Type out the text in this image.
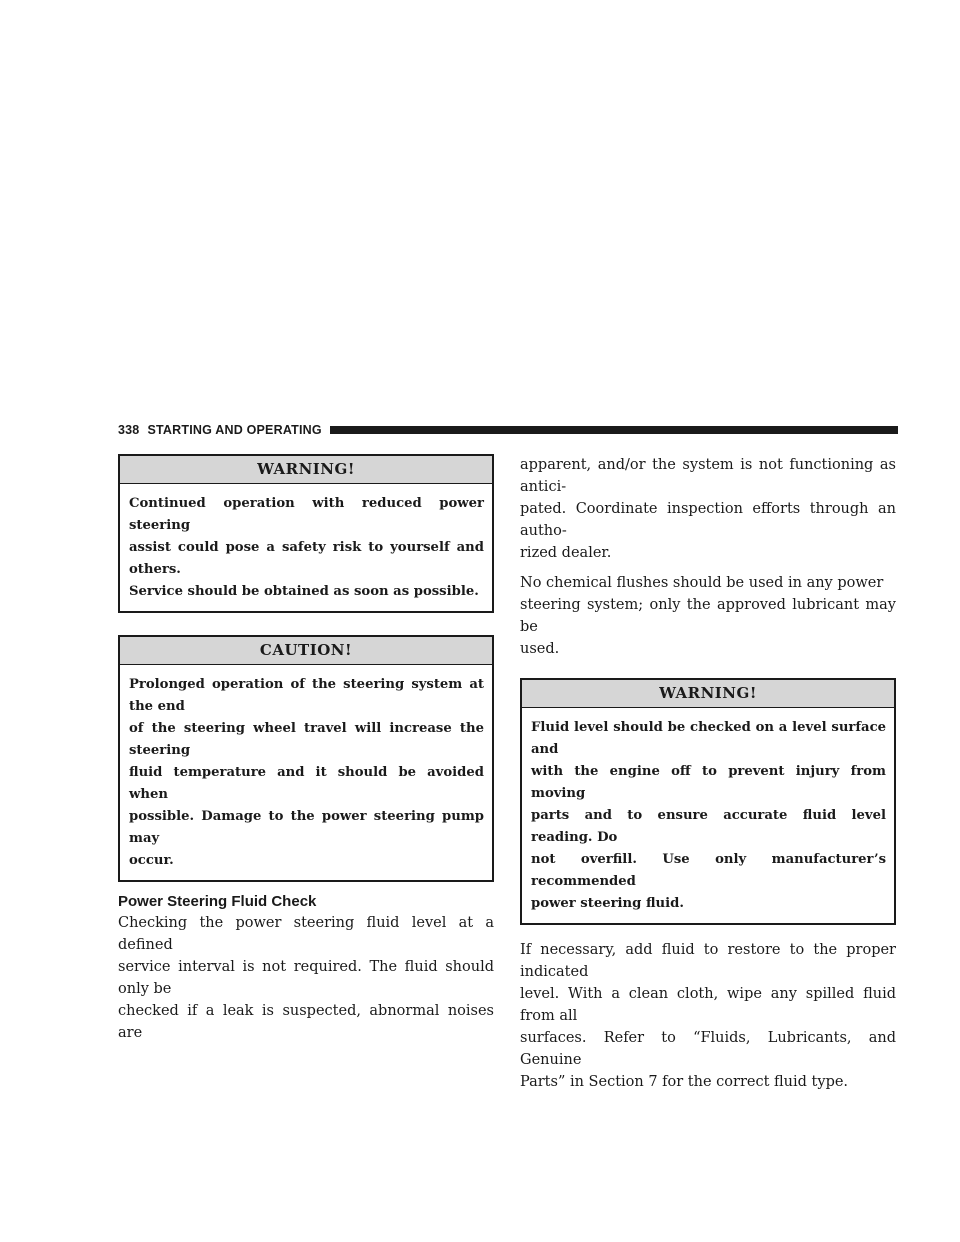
338 STARTING AND OPERATING
WARNING!
Continued operation with reduced power steering
assist could pose a safety risk to yourself and others.
Service should be obtained as soon as possible.
CAUTION!
Prolonged operation of the steering system at the end
of the steering wheel travel will increase the steering
fluid temperature and it should be avoided when
possible. Damage to the power steering pump may
occur.
Power Steering Fluid Check

Checking the power steering fluid level at a defined
service interval is not required. The fluid should only be
checked if a leak is suspected, abnormal noises are

apparent, and/or the system is not functioning as antici-
pated. Coordinate inspection efforts through an autho-
rized dealer.

No chemical flushes should be used in any power
steering system; only the approved lubricant may be
used.

WARNING!
Fluid level should be checked on a level surface and
with the engine off to prevent injury from moving
parts and to ensure accurate fluid level reading. Do
not overfill. Use only manufacturer’s recommended
power steering fluid.

If necessary, add fluid to restore to the proper indicated
level. With a clean cloth, wipe any spilled fluid from all
surfaces. Refer to “Fluids, Lubricants, and Genuine
Parts” in Section 7 for the correct fluid type.
